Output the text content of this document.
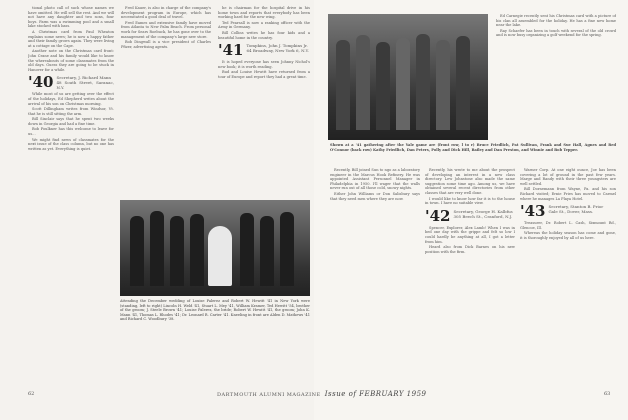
tional photo call of such whose names we have omitted. He will sell the rest. And we will not have any daughter and two sons, four boys. Farm was a swimming pool and a small lake stocked with bass.

A Christmas card from Paul Wheaton explains some news; he is now a happy father and their family grows again. They were living at a cottage on the Cape.

Another note on the Christmas card front: John Crane and his family would like to know the whereabouts of some classmates from the old days. Guess they are going to be stuck in Hanover for a while.

'40 Secretary, J. Richard Mann
48 South Street, Saranac, N.Y.

While most of us are getting over the effect of the holidays, Ed Shepherd writes about the arrival of his son on Christmas morning.

Scott Dillingham writes from Windsor, Vt. that he is still sitting the arm.

Bill Sinclair says that he spent two weeks down in Georgia and had a fine time.

Bob Foulkner has this welcome to leave for us...

We might find news of classmates for the next issue of the class column, but no one has written as yet. Everything is quiet.

Fred Kauer, is also in charge of the company's development program in Europe, which has necessitated a good deal of travel.

Fred Eames and extensive family have moved from Atlanta to New Palm Beach. From personal work for Sears Roebuck, he has gone over to the management of the company's large new store.

Bob Dingwall is a vice president of Charles Pfizer, advertising agents.

he is chairman for the hospital drive in his home town and reports that everybody has been working hard for the new wing.

Ted Pearsall is now a ranking officer with the Army in Germany.

Bill Collins writes he has four kids and a beautiful home in the country.

'41 Tompkins, John J. Tompkins Jr.
64 Broadway, New York 6, N.Y.

It is hoped everyone has seen Johnny Nichol's new book; it is worth reading.

Bud and Louise Hewitt have returned from a tour of Europe and report they had a great time.

Attending the December wedding of Louise Palerez and Robert W. Hewitt '41 in New York were (standing, left to right) Lincoln H. Weld '41, Stuart L. Mey '41, William Kramer, Ted Hewitt '54, brother of the groom; J. Steele Brown '41; Louise Palerez, the bride; Robert W. Hewitt '41, the groom; John K. Mann '41, Thomas L. Rhodes '41; Dr. Leonard R. Carter '41. Kneeling in front are Alden D. Mathews '41 and Richard C. Woodbury '38.
62

Ed Carnegie recently sent his Christmas card with a picture of his clan all assembled for the holiday. He has a fine new home near the lake.

Ray Schaefer has been in touch with several of the old crowd and is now busy organizing a golf weekend for the spring.

Shown at a '41 gathering after the Yale game are (front row, l to r) Bruce Friedlich, Pat Sullivan, Frank and Sue Hall, Agnes and Red O'Connor (back row) Kathy Friedlich, Dan Peters, Polly and Dick Hill, Bailey and Dan Preston, and Winnie and Bob Tepper.

Recently, Bill joined Sun to ngo as a laboratory engineer in the Marcus Hook Refinery. He was appointed Assistant Personnel Manager in Philadelphia in 1950. I'll wager that the walls never run out of all those cold, snowy nights.

Either John Williams or Don Salisbury says that they need men where they are now.

Recently, his wrote to me about the prospect of developing an interest in a new class directory. Lew Johnstone also made the same suggestion some time ago. Among us, we have obtained several recent directories from other classes that are very well done.

I would like to know how far it is to the house in town. I have no suitable view.

'42 Secretary, George H. Kalbfus
305 Beech St., Cranford, N.J.

Spencer, Explorer, Alex Lamb! When I was in bed one day with the grippe and felt so low I could hardly be anything at all, I got a letter from him.

Heard also from Dick Barnes on his new position with the firm.

Warner Corp. At one eight ounce, Joe has been covering a lot of ground in the past few years. Marge and Randy with their three youngsters are well settled.

Bill Dornemann from Wayne, Pa. and his son Richard visited; Ernie Fries has moved to Carmel where he manages La Playa Hotel.

'43 Secretary, Stanton B. Prior
Gale St., Dover, Mass.

Treasurer, Dr. Robert L. Cash, Sixmount Rd., Glencoe, Ill.

Whereas the holiday season has come and gone, it is thoroughly enjoyed by all of us here.

63
DARTMOUTH ALUMNI MAGAZINE Issue of FEBRUARY 1959
